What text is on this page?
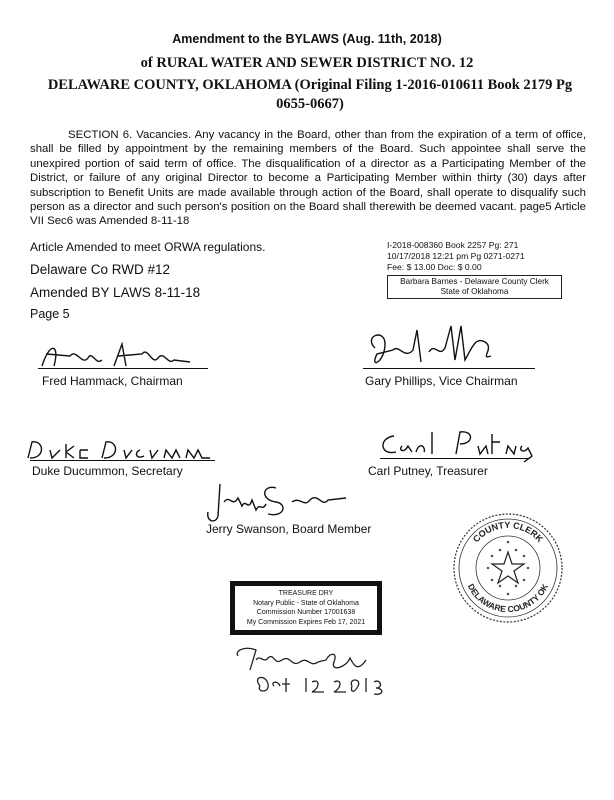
Amendment to the BYLAWS (Aug. 11th, 2018)
of RURAL WATER AND SEWER DISTRICT NO. 12
DELAWARE COUNTY, OKLAHOMA (Original Filing 1-2016-010611 Book 2179 Pg 0655-0667)
SECTION 6. Vacancies. Any vacancy in the Board, other than from the expiration of a term of office, shall be filled by appointment by the remaining members of the Board. Such appointee shall serve the unexpired portion of said term of office. The disqualification of a director as a Participating Member of the District, or failure of any original Director to become a Participating Member within thirty (30) days after subscription to Benefit Units are made available through action of the Board, shall operate to disqualify such person as a director and such person's position on the Board shall therewith be deemed vacant. page5 Article VII Sec6 was Amended 8-11-18
Article Amended to meet ORWA regulations.
Delaware Co RWD #12
Amended BY LAWS 8-11-18
Page 5
I-2018-008360 Book 2257 Pg: 271
10/17/2018 12:21 pm Pg 0271-0271
Fee: $ 13.00 Doc: $ 0.00
Barbara Barnes - Delaware County Clerk
State of Oklahoma
Fred Hammack, Chairman	Gary Phillips, Vice Chairman
Duke Ducummon, Secretary	Carl Putney, Treasurer
Jerry Swanson, Board Member
TREASURE DRY
Notary Public - State of Oklahoma
Commission Number 17001638
My Commission Expires Feb 17, 2021
COUNTY CLERK
DELAWARE COUNTY OK
